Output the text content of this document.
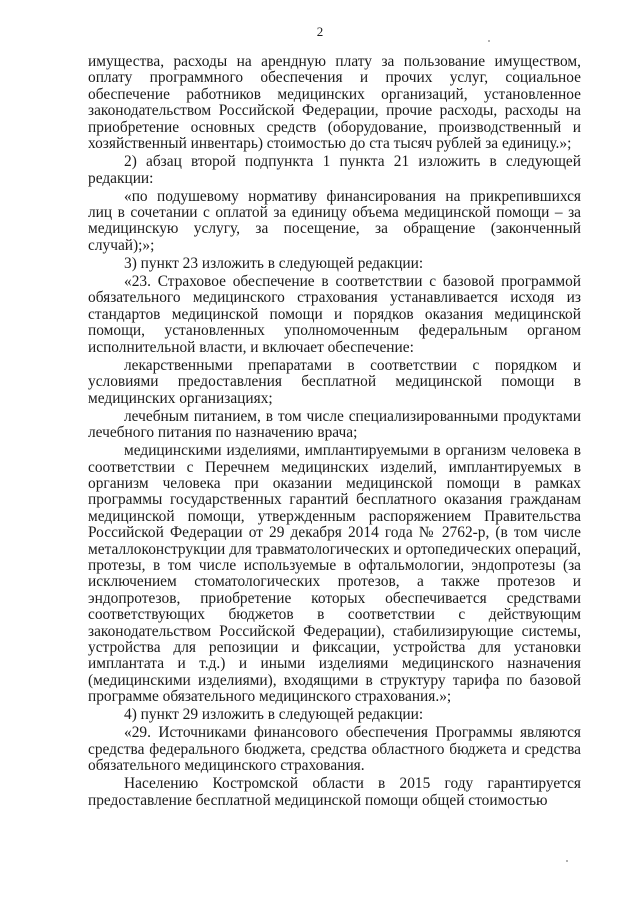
2

имущества, расходы на арендную плату за пользование имуществом, оплату программного обеспечения и прочих услуг, социальное обеспечение работников медицинских организаций, установленное законодательством Российской Федерации, прочие расходы, расходы на приобретение основных средств (оборудование, производственный и хозяйственный инвентарь) стоимостью до ста тысяч рублей за единицу.»;

2) абзац второй подпункта 1 пункта 21 изложить в следующей редакции:

«по подушевому нормативу финансирования на прикрепившихся лиц в сочетании с оплатой за единицу объема медицинской помощи – за медицинскую услугу, за посещение, за обращение (законченный случай);»;

3) пункт 23 изложить в следующей редакции:

«23. Страховое обеспечение в соответствии с базовой программой обязательного медицинского страхования устанавливается исходя из стандартов медицинской помощи и порядков оказания медицинской помощи, установленных уполномоченным федеральным органом исполнительной власти, и включает обеспечение:

лекарственными препаратами в соответствии с порядком и условиями предоставления бесплатной медицинской помощи в медицинских организациях;

лечебным питанием, в том числе специализированными продуктами лечебного питания по назначению врача;

медицинскими изделиями, имплантируемыми в организм человека в соответствии с Перечнем медицинских изделий, имплантируемых в организм человека при оказании медицинской помощи в рамках программы государственных гарантий бесплатного оказания гражданам медицинской помощи, утвержденным распоряжением Правительства Российской Федерации от 29 декабря 2014 года № 2762-р, (в том числе металлоконструкции для травматологических и ортопедических операций, протезы, в том числе используемые в офтальмологии, эндопротезы (за исключением стоматологических протезов, а также протезов и эндопротезов, приобретение которых обеспечивается средствами соответствующих бюджетов в соответствии с действующим законодательством Российской Федерации), стабилизирующие системы, устройства для репозиции и фиксации, устройства для установки имплантата и т.д.) и иными изделиями медицинского назначения (медицинскими изделиями), входящими в структуру тарифа по базовой программе обязательного медицинского страхования.»;

4) пункт 29 изложить в следующей редакции:

«29. Источниками финансового обеспечения Программы являются средства федерального бюджета, средства областного бюджета и средства обязательного медицинского страхования.

Населению Костромской области в 2015 году гарантируется предоставление бесплатной медицинской помощи общей стоимостью
